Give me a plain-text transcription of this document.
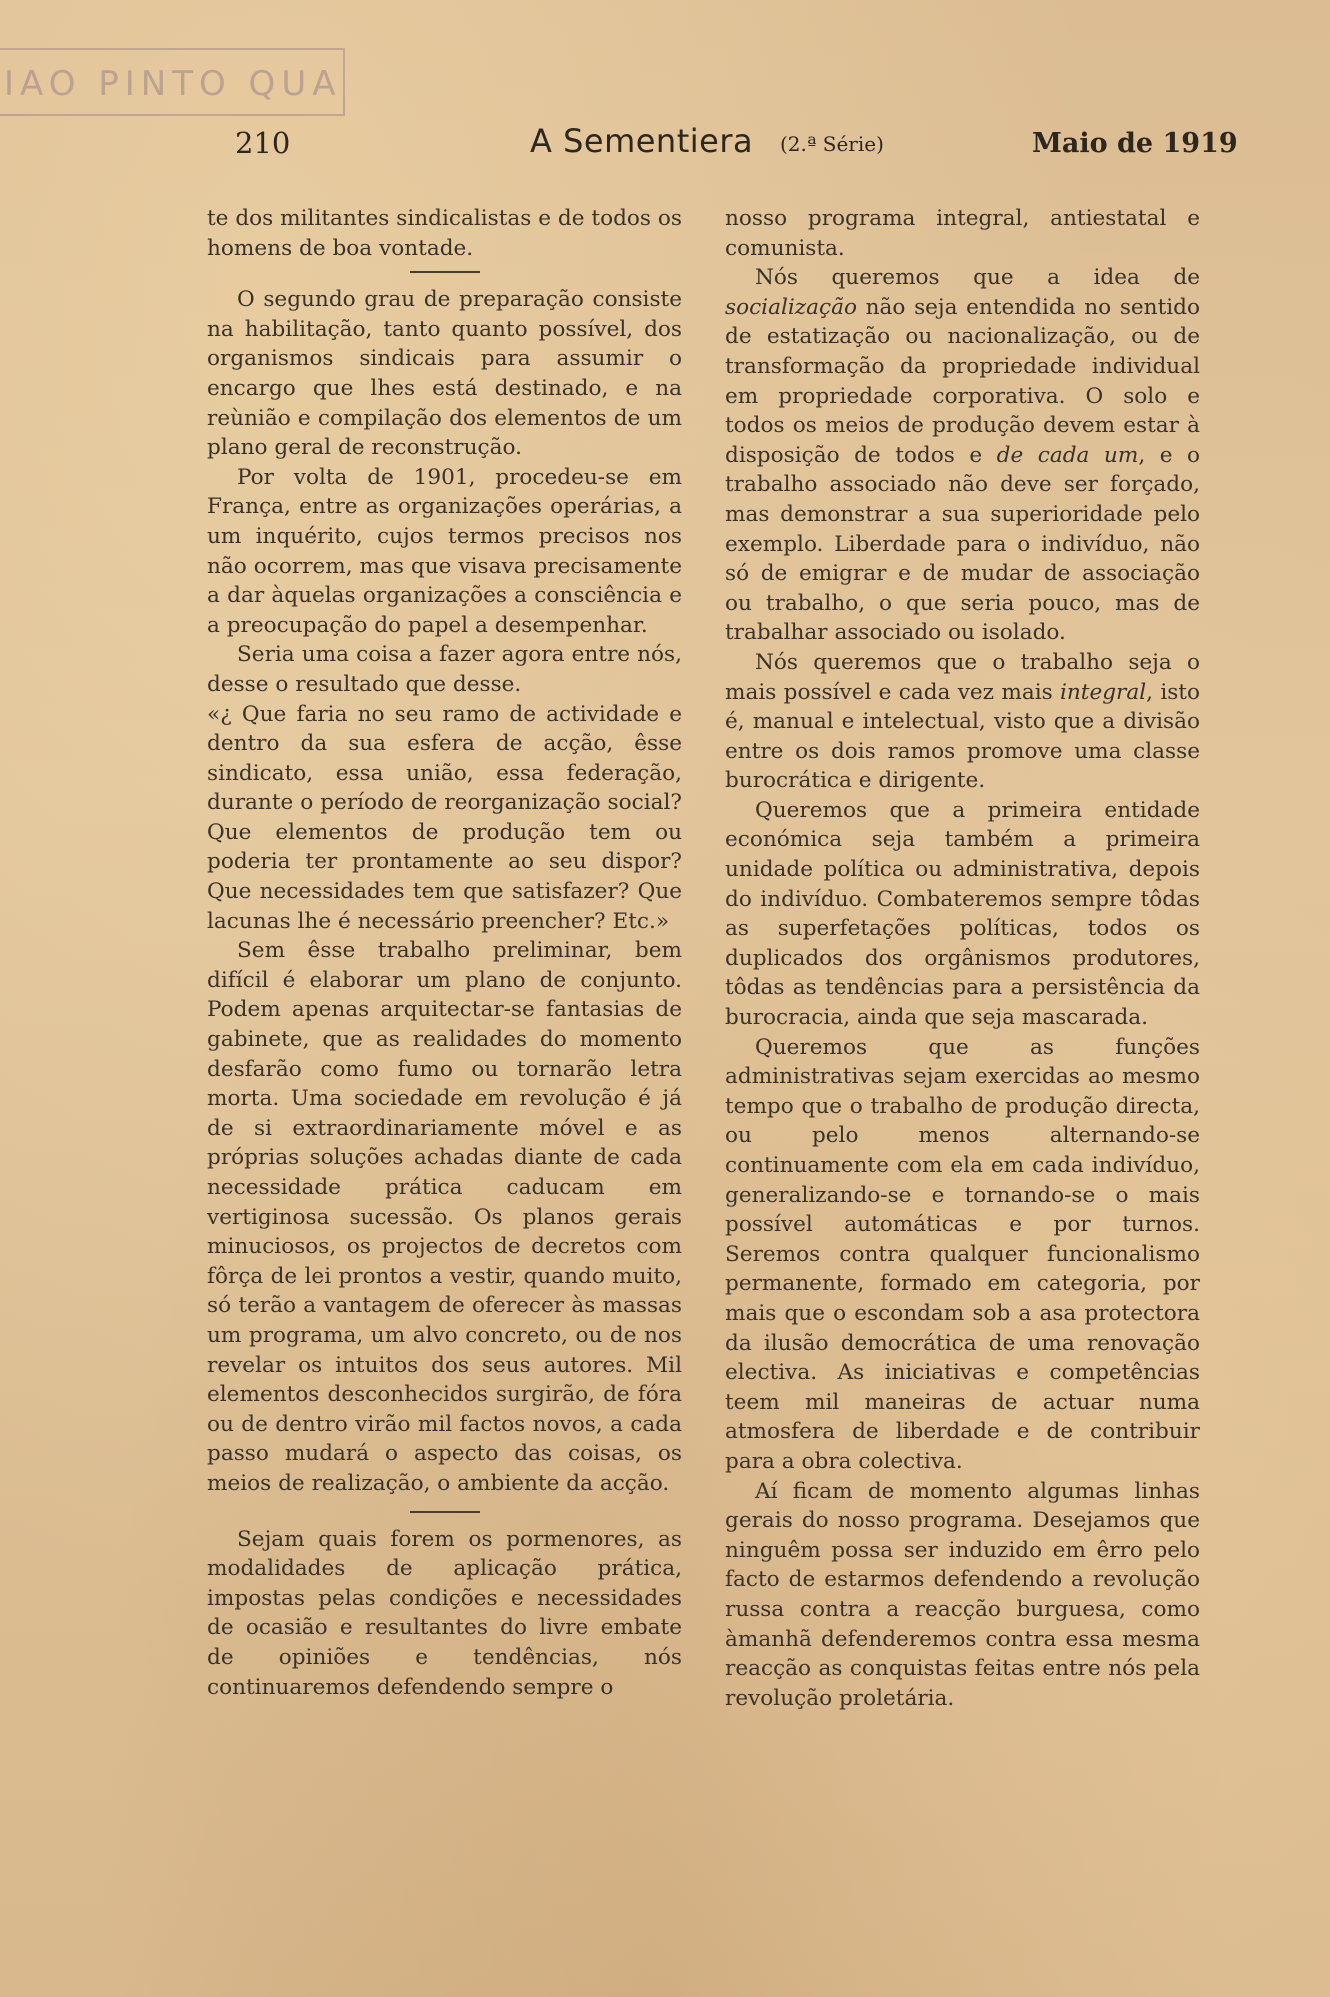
IAO PINTO QUA
210	A Sementiera (2.ª Série)	Maio de 1919

te dos militantes sindicalistas e de todos os homens de boa vontade.

O segundo grau de preparação consiste na habilitação, tanto quanto possível, dos organismos sindicais para assumir o encargo que lhes está destinado, e na reùnião e compilação dos elementos de um plano geral de reconstrução.

Por volta de 1901, procedeu-se em França, entre as organizações operárias, a um inquérito, cujos termos precisos nos não ocorrem, mas que visava precisamente a dar àquelas organizações a consciência e a preocupação do papel a desempenhar.

Seria uma coisa a fazer agora entre nós, desse o resultado que desse.

«¿ Que faria no seu ramo de actividade e dentro da sua esfera de acção, êsse sindicato, essa união, essa federação, durante o período de reorganização social? Que elementos de produção tem ou poderia ter prontamente ao seu dispor? Que necessidades tem que satisfazer? Que lacunas lhe é necessário preencher? Etc.»

Sem êsse trabalho preliminar, bem difícil é elaborar um plano de conjunto. Podem apenas arquitectar-se fantasias de gabinete, que as realidades do momento desfarão como fumo ou tornarão letra morta. Uma sociedade em revolução é já de si extraordinariamente móvel e as próprias soluções achadas diante de cada necessidade prática caducam em vertiginosa sucessão. Os planos gerais minuciosos, os projectos de decretos com fôrça de lei prontos a vestir, quando muito, só terão a vantagem de oferecer às massas um programa, um alvo concreto, ou de nos revelar os intuitos dos seus autores. Mil elementos desconhecidos surgirão, de fóra ou de dentro virão mil factos novos, a cada passo mudará o aspecto das coisas, os meios de realização, o ambiente da acção.

Sejam quais forem os pormenores, as modalidades de aplicação prática, impostas pelas condições e necessidades de ocasião e resultantes do livre embate de opiniões e tendências, nós continuaremos defendendo sempre o

nosso programa integral, antiestatal e comunista.

Nós queremos que a idea de socialização não seja entendida no sentido de estatização ou nacionalização, ou de transformação da propriedade individual em propriedade corporativa. O solo e todos os meios de produção devem estar à disposição de todos e de cada um, e o trabalho associado não deve ser forçado, mas demonstrar a sua superioridade pelo exemplo. Liberdade para o indivíduo, não só de emigrar e de mudar de associação ou trabalho, o que seria pouco, mas de trabalhar associado ou isolado.

Nós queremos que o trabalho seja o mais possível e cada vez mais integral, isto é, manual e intelectual, visto que a divisão entre os dois ramos promove uma classe burocrática e dirigente.

Queremos que a primeira entidade económica seja também a primeira unidade política ou administrativa, depois do indivíduo. Combateremos sempre tôdas as superfetações políticas, todos os duplicados dos orgânismos produtores, tôdas as tendências para a persistência da burocracia, ainda que seja mascarada.

Queremos que as funções administrativas sejam exercidas ao mesmo tempo que o trabalho de produção directa, ou pelo menos alternando-se continuamente com ela em cada indivíduo, generalizando-se e tornando-se o mais possível automáticas e por turnos. Seremos contra qualquer funcionalismo permanente, formado em categoria, por mais que o escondam sob a asa protectora da ilusão democrática de uma renovação electiva. As iniciativas e competências teem mil maneiras de actuar numa atmosfera de liberdade e de contribuir para a obra colectiva.

Aí ficam de momento algumas linhas gerais do nosso programa. Desejamos que ninguêm possa ser induzido em êrro pelo facto de estarmos defendendo a revolução russa contra a reacção burguesa, como àmanhã defenderemos contra essa mesma reacção as conquistas feitas entre nós pela revolução proletária.
